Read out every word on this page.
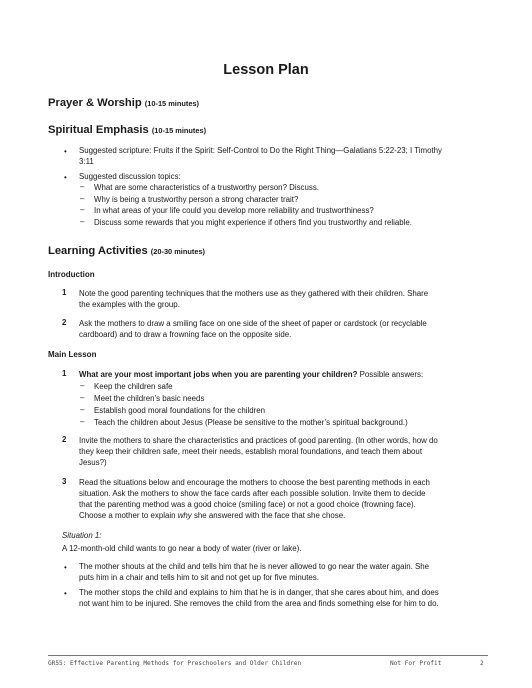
Lesson Plan
Prayer & Worship (10-15 minutes)
Spiritual Emphasis (10-15 minutes)
• Suggested scripture: Fruits if the Spirit: Self-Control to Do the Right Thing—Galatians 5:22-23; I Timothy
3:11
• Suggested discussion topics:
– What are some characteristics of a trustworthy person? Discuss.
– Why is being a trustworthy person a strong character trait?
– In what areas of your life could you develop more reliability and trustworthiness?
– Discuss some rewards that you might experience if others find you trustworthy and reliable.
Learning Activities (20-30 minutes)
Introduction
1 Note the good parenting techniques that the mothers use as they gathered with their children. Share
the examples with the group.
2 Ask the mothers to draw a smiling face on one side of the sheet of paper or cardstock (or recyclable
cardboard) and to draw a frowning face on the opposite side.
Main Lesson
1 What are your most important jobs when you are parenting your children? Possible answers:
– Keep the children safe
– Meet the children’s basic needs
– Establish good moral foundations for the children
– Teach the children about Jesus (Please be sensitive to the mother’s spiritual background.)
2 Invite the mothers to share the characteristics and practices of good parenting. (In other words, how do
they keep their children safe, meet their needs, establish moral foundations, and teach them about
Jesus?)
3 Read the situations below and encourage the mothers to choose the best parenting methods in each
situation. Ask the mothers to show the face cards after each possible solution. Invite them to decide
that the parenting method was a good choice (smiling face) or not a good choice (frowning face).
Choose a mother to explain why she answered with the face that she chose.
Situation 1:
A 12-month-old child wants to go near a body of water (river or lake).
• The mother shouts at the child and tells him that he is never allowed to go near the water again. She
puts him in a chair and tells him to sit and not get up for five minutes.
• The mother stops the child and explains to him that he is in danger, that she cares about him, and does
not want him to be injured. She removes the child from the area and finds something else for him to do.
GR55: Effective Parenting Methods for Preschoolers and Older Children	Not For Profit	2
